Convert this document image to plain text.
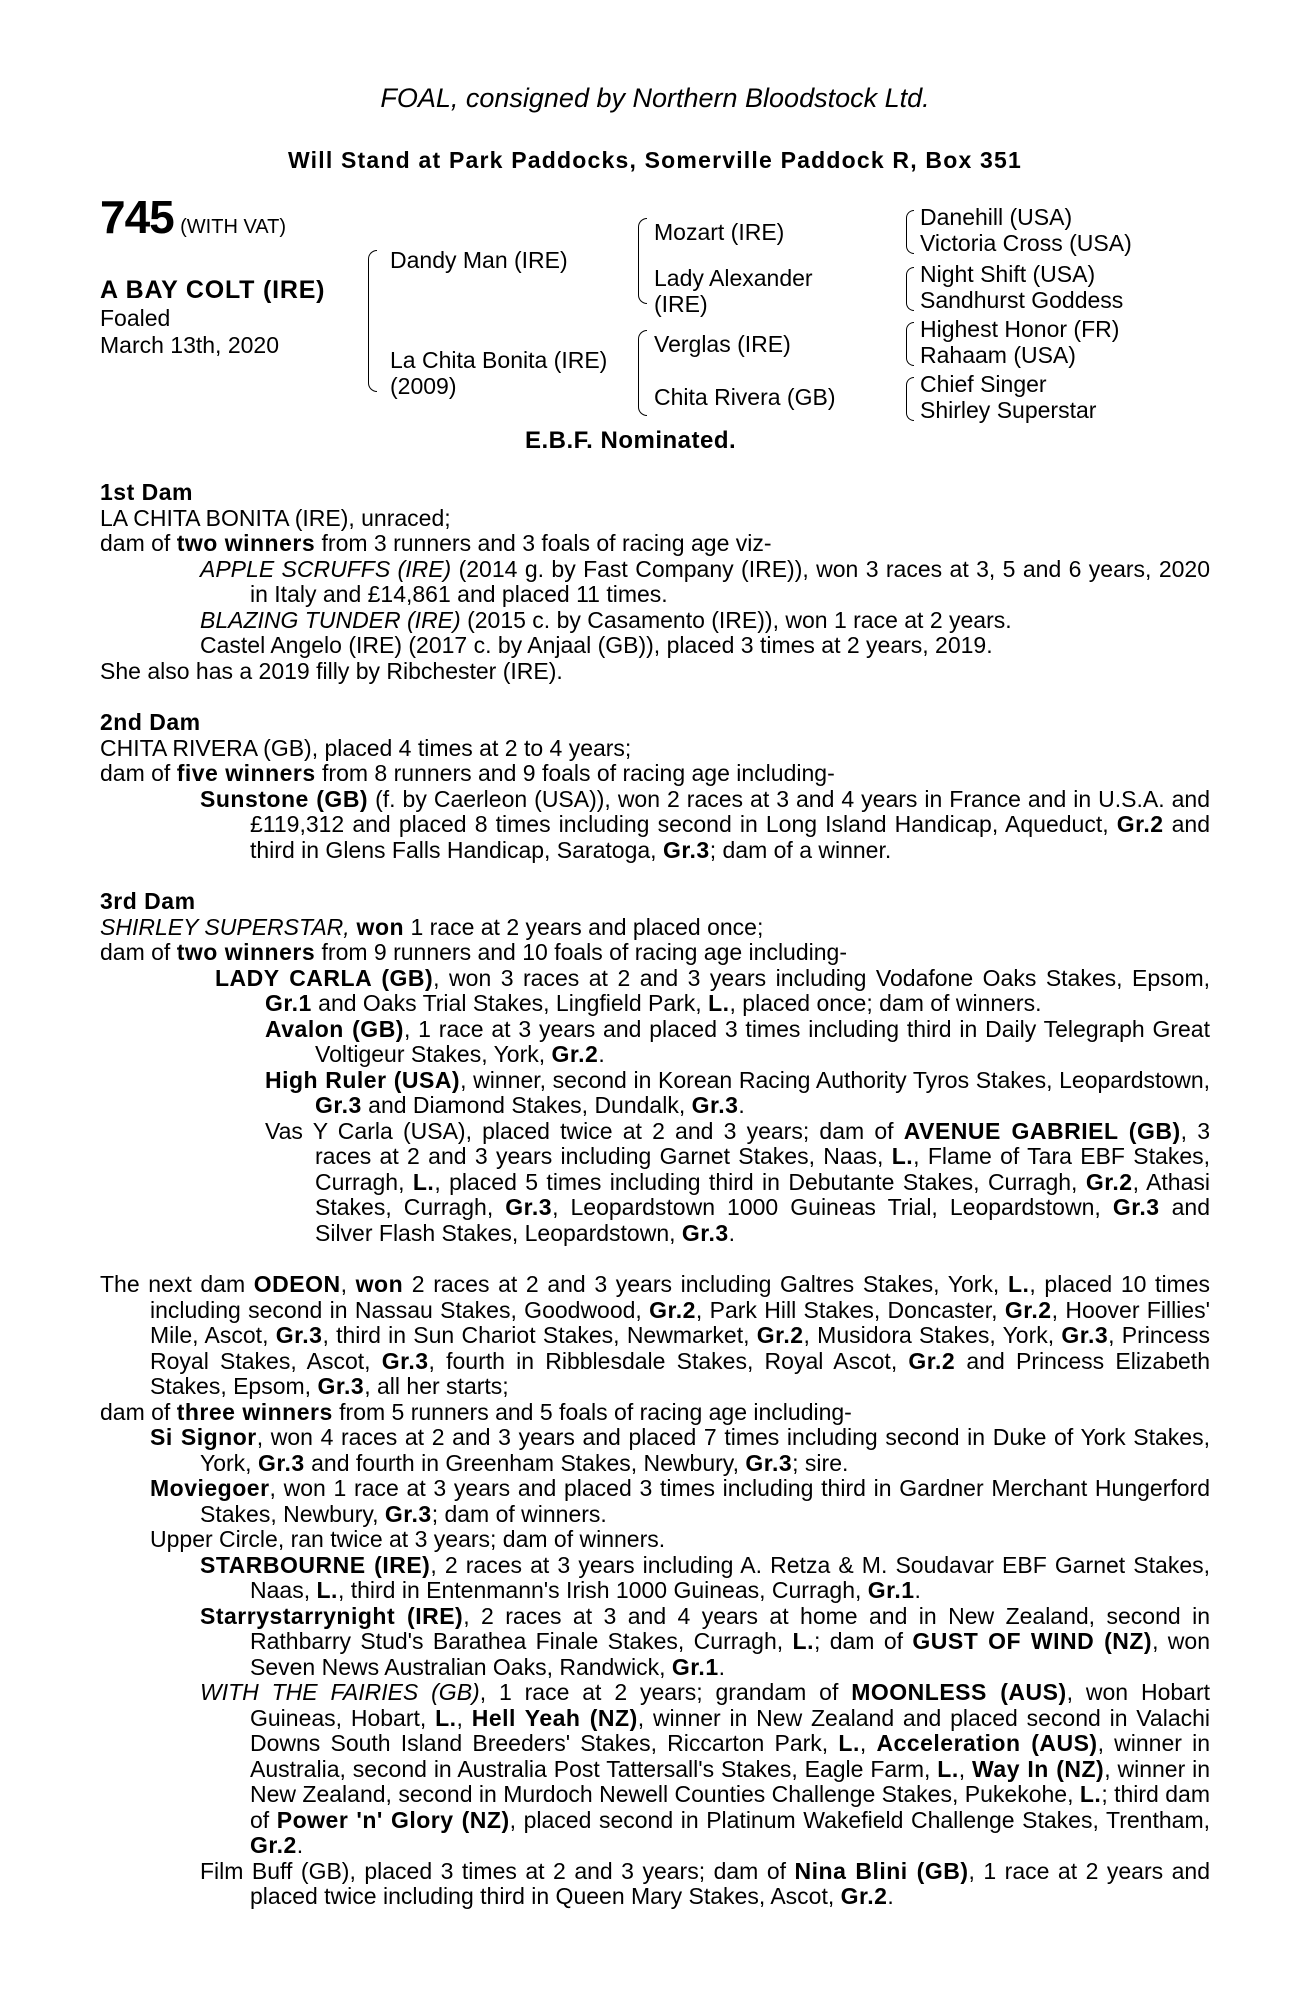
FOAL, consigned by Northern Bloodstock Ltd.
Will Stand at Park Paddocks, Somerville Paddock R, Box 351
745 (WITH VAT)
A BAY COLT (IRE)
Foaled
March 13th, 2020
Dandy Man (IRE)
La Chita Bonita (IRE)
(2009)
Mozart (IRE)
Lady Alexander
(IRE)
Verglas (IRE)
Chita Rivera (GB)
Danehill (USA)
Victoria Cross (USA)
Night Shift (USA)
Sandhurst Goddess
Highest Honor (FR)
Rahaam (USA)
Chief Singer
Shirley Superstar
E.B.F. Nominated.
1st Dam
LA CHITA BONITA (IRE), unraced;
dam of two winners from 3 runners and 3 foals of racing age viz-
APPLE SCRUFFS (IRE) (2014 g. by Fast Company (IRE)), won 3 races at 3, 5 and 6 years, 2020 in Italy and £14,861 and placed 11 times.
BLAZING TUNDER (IRE) (2015 c. by Casamento (IRE)), won 1 race at 2 years.
Castel Angelo (IRE) (2017 c. by Anjaal (GB)), placed 3 times at 2 years, 2019.
She also has a 2019 filly by Ribchester (IRE).
2nd Dam
CHITA RIVERA (GB), placed 4 times at 2 to 4 years;
dam of five winners from 8 runners and 9 foals of racing age including-
Sunstone (GB) (f. by Caerleon (USA)), won 2 races at 3 and 4 years in France and in U.S.A. and £119,312 and placed 8 times including second in Long Island Handicap, Aqueduct, Gr.2 and third in Glens Falls Handicap, Saratoga, Gr.3; dam of a winner.
3rd Dam
SHIRLEY SUPERSTAR, won 1 race at 2 years and placed once;
dam of two winners from 9 runners and 10 foals of racing age including-
LADY CARLA (GB), won 3 races at 2 and 3 years including Vodafone Oaks Stakes, Epsom, Gr.1 and Oaks Trial Stakes, Lingfield Park, L., placed once; dam of winners.
Avalon (GB), 1 race at 3 years and placed 3 times including third in Daily Telegraph Great Voltigeur Stakes, York, Gr.2.
High Ruler (USA), winner, second in Korean Racing Authority Tyros Stakes, Leopardstown, Gr.3 and Diamond Stakes, Dundalk, Gr.3.
Vas Y Carla (USA), placed twice at 2 and 3 years; dam of AVENUE GABRIEL (GB), 3 races at 2 and 3 years including Garnet Stakes, Naas, L., Flame of Tara EBF Stakes, Curragh, L., placed 5 times including third in Debutante Stakes, Curragh, Gr.2, Athasi Stakes, Curragh, Gr.3, Leopardstown 1000 Guineas Trial, Leopardstown, Gr.3 and Silver Flash Stakes, Leopardstown, Gr.3.
The next dam ODEON, won 2 races at 2 and 3 years including Galtres Stakes, York, L., placed 10 times including second in Nassau Stakes, Goodwood, Gr.2, Park Hill Stakes, Doncaster, Gr.2, Hoover Fillies' Mile, Ascot, Gr.3, third in Sun Chariot Stakes, Newmarket, Gr.2, Musidora Stakes, York, Gr.3, Princess Royal Stakes, Ascot, Gr.3, fourth in Ribblesdale Stakes, Royal Ascot, Gr.2 and Princess Elizabeth Stakes, Epsom, Gr.3, all her starts;
dam of three winners from 5 runners and 5 foals of racing age including-
Si Signor, won 4 races at 2 and 3 years and placed 7 times including second in Duke of York Stakes, York, Gr.3 and fourth in Greenham Stakes, Newbury, Gr.3; sire.
Moviegoer, won 1 race at 3 years and placed 3 times including third in Gardner Merchant Hungerford Stakes, Newbury, Gr.3; dam of winners.
Upper Circle, ran twice at 3 years; dam of winners.
STARBOURNE (IRE), 2 races at 3 years including A. Retza & M. Soudavar EBF Garnet Stakes, Naas, L., third in Entenmann's Irish 1000 Guineas, Curragh, Gr.1.
Starrystarrynight (IRE), 2 races at 3 and 4 years at home and in New Zealand, second in Rathbarry Stud's Barathea Finale Stakes, Curragh, L.; dam of GUST OF WIND (NZ), won Seven News Australian Oaks, Randwick, Gr.1.
WITH THE FAIRIES (GB), 1 race at 2 years; grandam of MOONLESS (AUS), won Hobart Guineas, Hobart, L., Hell Yeah (NZ), winner in New Zealand and placed second in Valachi Downs South Island Breeders' Stakes, Riccarton Park, L., Acceleration (AUS), winner in Australia, second in Australia Post Tattersall's Stakes, Eagle Farm, L., Way In (NZ), winner in New Zealand, second in Murdoch Newell Counties Challenge Stakes, Pukekohe, L.; third dam of Power 'n' Glory (NZ), placed second in Platinum Wakefield Challenge Stakes, Trentham, Gr.2.
Film Buff (GB), placed 3 times at 2 and 3 years; dam of Nina Blini (GB), 1 race at 2 years and placed twice including third in Queen Mary Stakes, Ascot, Gr.2.
